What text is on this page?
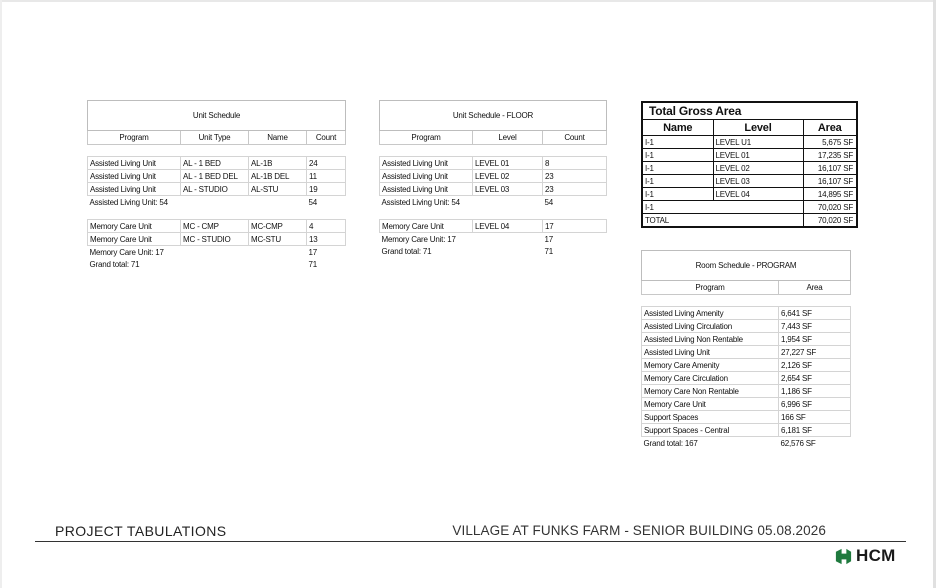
Unit Schedule			
Program	Unit Type	Name	Count

Assisted Living Unit	AL - 1 BED	AL-1B	24
Assisted Living Unit	AL - 1 BED DEL	AL-1B DEL	11
Assisted Living Unit	AL - STUDIO	AL-STU	19
Assisted Living Unit: 54			54

Memory Care Unit	MC - CMP	MC-CMP	4
Memory Care Unit	MC - STUDIO	MC-STU	13
Memory Care Unit: 17			17
Grand total: 71			71
Unit Schedule - FLOOR		
Program	Level	Count

Assisted Living Unit	LEVEL 01	8
Assisted Living Unit	LEVEL 02	23
Assisted Living Unit	LEVEL 03	23
Assisted Living Unit: 54		54

Memory Care Unit	LEVEL 04	17
Memory Care Unit: 17		17
Grand total: 71		71
Total Gross Area		
Name	Level	Area
I-1	LEVEL U1	5,675 SF
I-1	LEVEL 01	17,235 SF
I-1	LEVEL 02	16,107 SF
I-1	LEVEL 03	16,107 SF
I-1	LEVEL 04	14,895 SF
I-1		70,020 SF
TOTAL		70,020 SF
Room Schedule - PROGRAM	
Program	Area

Assisted Living Amenity	6,641 SF
Assisted Living Circulation	7,443 SF
Assisted Living Non Rentable	1,954 SF
Assisted Living Unit	27,227 SF
Memory Care Amenity	2,126 SF
Memory Care Circulation	2,654 SF
Memory Care Non Rentable	1,186 SF
Memory Care Unit	6,996 SF
Support Spaces	166 SF
Support Spaces - Central	6,181 SF
Grand total: 167	62,576 SF
PROJECT TABULATIONS	VILLAGE AT FUNKS FARM - SENIOR BUILDING 05.08.2026
HCM
